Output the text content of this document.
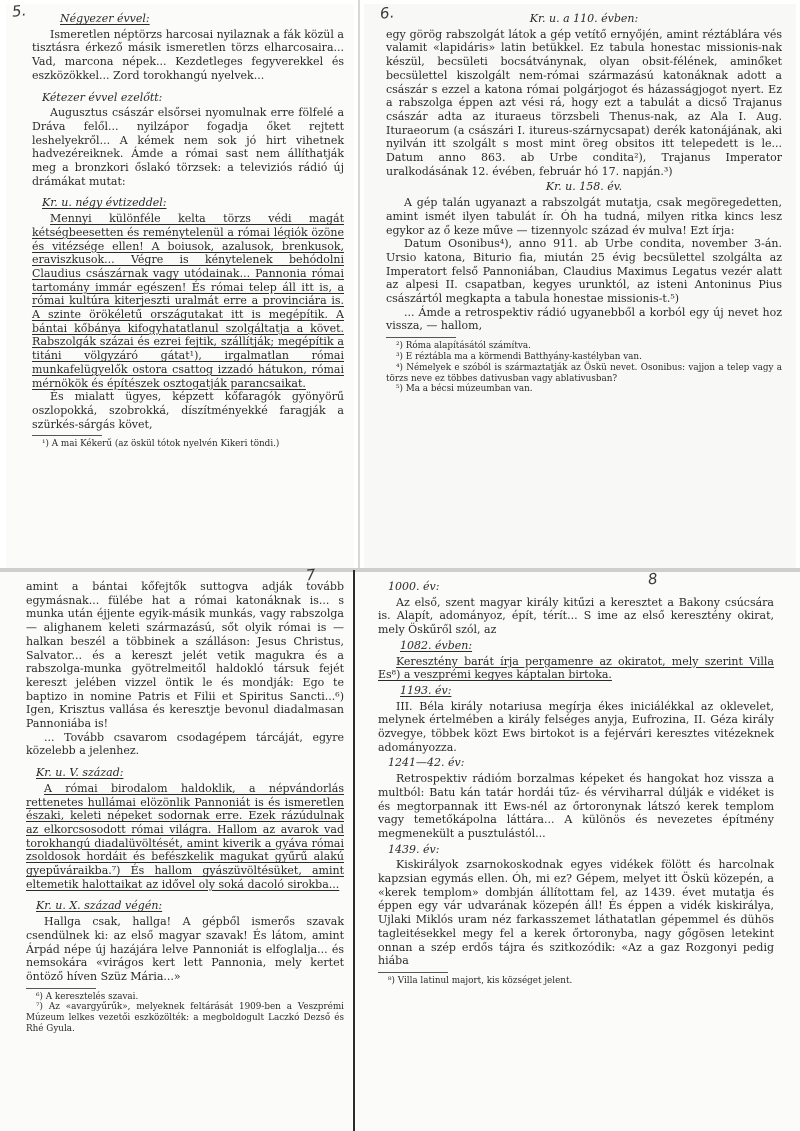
Négyezer évvel:

Ismeretlen néptörzs harcosai nyilaznak a fák közül a tisztásra érkező másik ismeretlen törzs elharcosaira... Vad, marcona népek... Kezdetleges fegyverekkel és eszközökkel... Zord torokhangú nyelvek...

Kétezer évvel ezelőtt:

Augusztus császár elsőrsei nyomulnak erre fölfelé a Dráva felől... nyilzápor fogadja őket rejtett leshelyekről... A kémek nem sok jó hirt vihetnek hadvezéreiknek. Ámde a római sast nem állíthatják meg a bronzkori őslakó törzsek: a televiziós rádió új drámákat mutat:

Kr. u. négy évtizeddel:

Mennyi különféle kelta törzs védi magát kétségbeesetten és reménytelenül a római légiók özöne és vitézsége ellen! A boiusok, azalusok, brenkusok, eraviszkusok... Végre is kénytelenek behódolni Claudius császárnak vagy utódainak... Pannonia római tartomány immár egészen! És római telep áll itt is, a római kultúra kiterjeszti uralmát erre a provinciára is. A szinte örökéletű országutakat itt is megépítik. A bántai kőbánya kifogyhatatlanul szolgáltatja a követ. Rabszolgák százai és ezrei fejtik, szállítják; megépítik a titáni völgyzáró gátat¹), irgalmatlan római munkafelügyelők ostora csattog izzadó hátukon, római mérnökök és építészek osztogatják parancsaikat.

És mialatt ügyes, képzett kőfaragók gyönyörű oszlopokká, szobrokká, díszítményekké faragják a szürkés-sárgás követ,

¹) A mai Kékerű (az öskül tótok nyelvén Kikeri töndi.)

5.	Kr. u. a 110. évben:

egy görög rabszolgát látok a gép vetítő ernyőjén, amint réztáblára vés valamit «lapidáris» latin betükkel. Ez tabula honestac missionis-nak készül, becsületi bocsátványnak, olyan obsit-félének, aminőket becsülettel kiszolgált nem-római származású katonáknak adott a császár s ezzel a katona római polgárjogot és házasságjogot nyert. Ez a rabszolga éppen azt vési rá, hogy ezt a tabulát a dicső Trajanus császár adta az ituraeus törzsbeli Thenus-nak, az Ala I. Aug. Ituraeorum (a császári I. itureus-szárnycsapat) derék katonájának, aki nyilván itt szolgált s most mint öreg obsitos itt telepedett is le... Datum anno 863. ab Urbe condita²), Trajanus Imperator uralkodásának 12. évében, február hó 17. napján.³)

Kr. u. 158. év.

A gép talán ugyanazt a rabszolgát mutatja, csak megöregedetten, amint ismét ilyen tabulát ír. Óh ha tudná, milyen ritka kincs lesz egykor az ő keze műve — tizennyolc század év mulva! Ezt írja:

Datum Osonibus⁴), anno 911. ab Urbe condita, november 3-án. Ursio katona, Biturio fia, miután 25 évig becsülettel szolgálta az Imperatort felső Pannoniában, Claudius Maximus Legatus vezér alatt az alpesi II. csapatban, kegyes urunktól, az isteni Antoninus Pius császártól megkapta a tabula honestae missionis-t.⁵)

... Ámde a retrospektiv rádió ugyanebből a korból egy új nevet hoz vissza, — hallom,

²) Róma alapításától számítva.

³) E réztábla ma a körmendi Batthyány-kastélyban van.

⁴) Némelyek e szóból is származtatják az Öskü nevet. Osonibus: vajjon a telep vagy a törzs neve ez többes dativusban vagy ablativusban?

⁵) Ma a bécsi múzeumban van.

6.

amint a bántai kőfejtők suttogva adják tovább egymásnak... fülébe hat a római katonáknak is... s munka után éjjente egyik-másik munkás, vagy rabszolga — alighanem keleti származású, sőt olyik római is — halkan beszél a többinek a szálláson: Jesus Christus, Salvator... és a kereszt jelét vetik magukra és a rabszolga-munka gyötrelmeitől haldokló társuk fejét kereszt jelében vizzel öntik le és mondják: Ego te baptizo in nomine Patris et Filii et Spiritus Sancti...⁶) Igen, Krisztus vallása és keresztje bevonul diadalmasan Pannoniába is!

... Tovább csavarom csodagépem tárcáját, egyre közelebb a jelenhez.

Kr. u. V. század:

A római birodalom haldoklik, a népvándorlás rettenetes hullámai elözönlik Pannoniát is és ismeretlen északi, keleti népeket sodornak erre. Ezek rázúdulnak az elkorcsosodott római világra. Hallom az avarok vad torokhangú diadalüvöltését, amint kiverik a gyáva római zsoldosok hordáit és befészkelik magukat gyűrű alakú gyepűváraikba.⁷) És hallom gyászüvöltésüket, amint eltemetik halottaikat az idővel oly soká dacoló sirokba...

Kr. u. X. század végén:

Hallga csak, hallga! A gépből ismerős szavak csendülnek ki: az első magyar szavak! És látom, amint Árpád népe új hazájára lelve Pannoniát is elfoglalja... és nemsokára «virágos kert lett Pannonia, mely kertet öntöző híven Szüz Mária...»

⁶) A keresztelés szavai.

⁷) Az «avargyűrűk», melyeknek feltárását 1909-ben a Veszprémi Múzeum lelkes vezetői eszközölték: a megboldogult Laczkó Dezső és Rhé Gyula.

7
1000. év:

Az első, szent magyar király kitűzi a keresztet a Bakony csúcsára is. Alapít, adományoz, épít, térít... S ime az első keresztény okirat, mely Öskűről szól, az

1082. évben:

Keresztény barát írja pergamenre az okiratot, mely szerint Villa Es⁸) a veszprémi kegyes káptalan birtoka.

1193. év:

III. Béla király notariusa megírja ékes iniciálékkal az oklevelet, melynek értelmében a király felséges anyja, Eufrozina, II. Géza király özvegye, többek közt Ews birtokot is a fejérvári keresztes vitézeknek adományozza.

1241—42. év:

Retrospektiv rádióm borzalmas képeket és hangokat hoz vissza a multból: Batu kán tatár hordái tűz- és vérviharral dúlják e vidéket is és megtorpannak itt Ews-nél az őrtoronynak látszó kerek templom vagy temetőkápolna láttára... A különös és nevezetes építmény megmenekült a pusztulástól...

1439. év:

Kiskirályok zsarnokoskodnak egyes vidékek fölött és harcolnak kapzsian egymás ellen. Óh, mi ez? Gépem, melyet itt Öskü közepén, a «kerek templom» dombján állítottam fel, az 1439. évet mutatja és éppen egy vár udvarának közepén áll! És éppen a vidék kiskirálya, Ujlaki Miklós uram néz farkasszemet láthatatlan gépemmel és dühös tagleitésekkel megy fel a kerek őrtoronyba, nagy gőgösen letekint onnan a szép erdős tájra és szitkozódik: «Az a gaz Rozgonyi pedig hiába

⁸) Villa latinul majort, kis községet jelent.

8
